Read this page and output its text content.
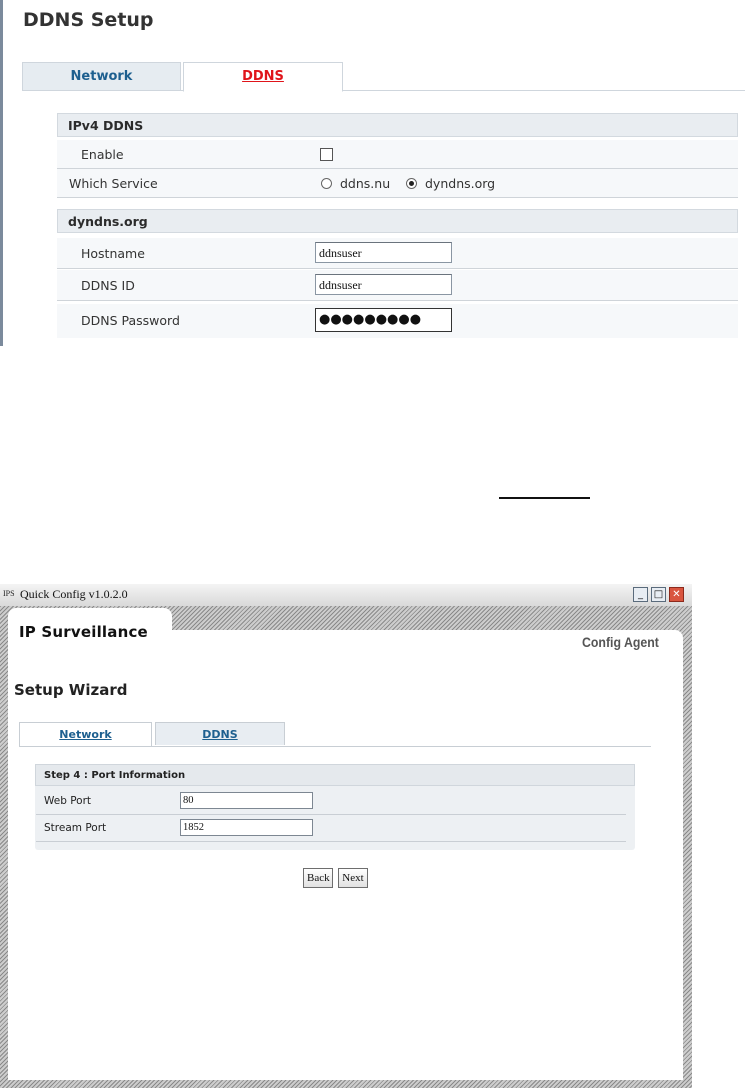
DDNS Setup
Network	DDNS
IPv4 DDNS
Enable
Which Service	ddns.nu	dyndns.org
dyndns.org
Hostname	ddnsuser
DDNS ID	ddnsuser
DDNS Password	●●●●●●●●●
IPS Quick Config v1.0.2.0	_	□ ✕
IP Surveillance
Config Agent
Setup Wizard
Network	DDNS
Step 4 : Port Information
Web Port	80
Stream Port	1852
Back	Next
